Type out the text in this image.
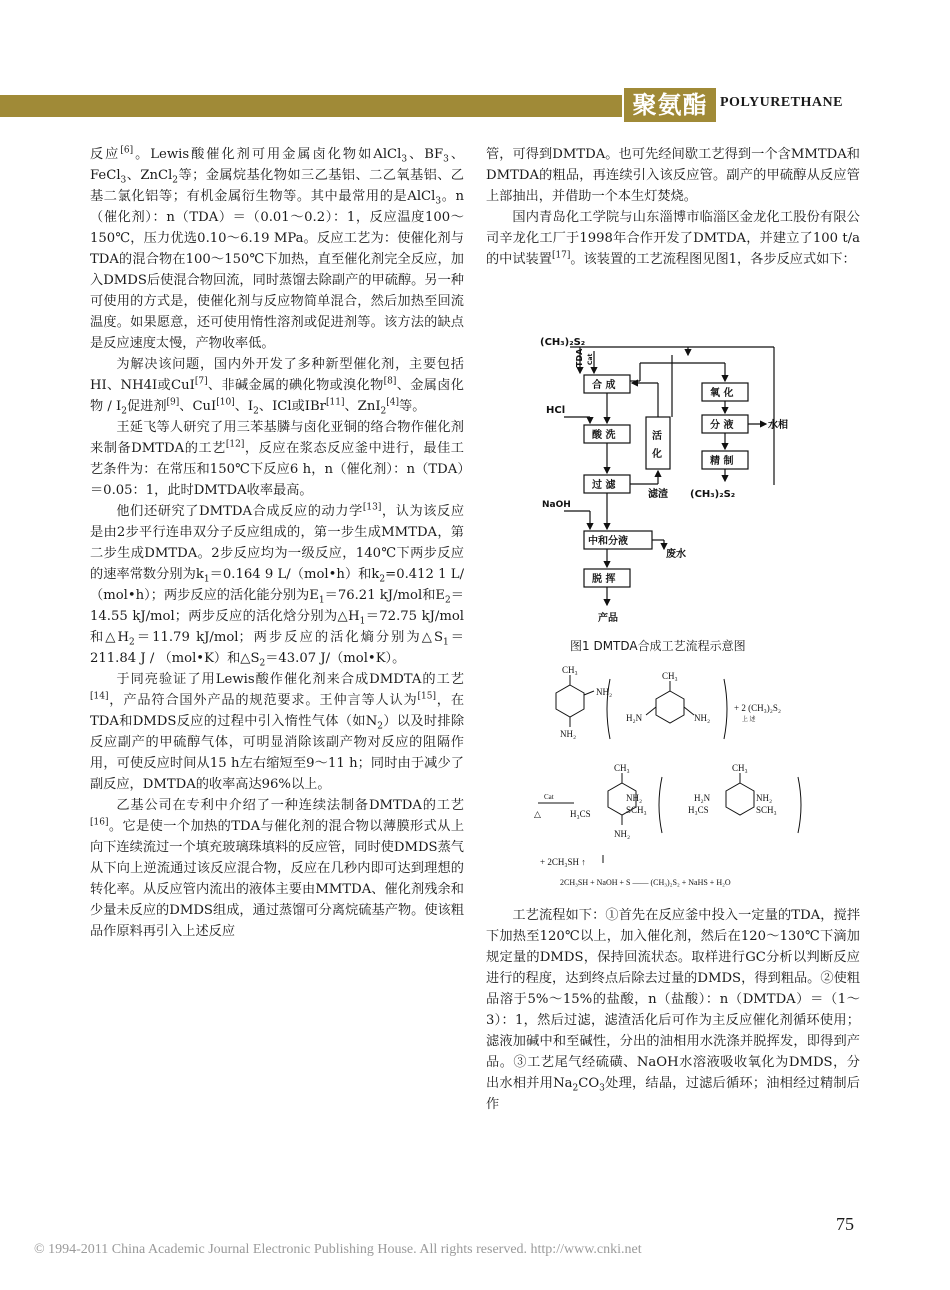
聚氨酯 POLYURETHANE

反应[6]。Lewis酸催化剂可用金属卤化物如AlCl$_3$、$BF_3$、FeCl$_3$、ZnCl$_2$等；金属烷基化物如三乙基铝、二乙氧基铝、乙基二氯化铝等；有机金属衍生物等。其中最常用的是AlCl$_3$。n（催化剂）：n（TDA）＝（0.01～0.2）：1，反应温度100～150℃，压力优选0.10～6.19 MPa。反应工艺为：使催化剂与TDA的混合物在100～150℃下加热，直至催化剂完全反应，加入DMDS后使混合物回流，同时蒸馏去除副产的甲硫醇。另一种可使用的方式是，使催化剂与反应物简单混合，然后加热至回流温度。如果愿意，还可使用惰性溶剂或促进剂等。该方法的缺点是反应速度太慢，产物收率低。

为解决该问题，国内外开发了多种新型催化剂，主要包括HI、NH4I或CuI[7]、非碱金属的碘化物或溴化物[8]、金属卤化物 / $I_2$促进剂[9]、CuI[10]、$I_2$、ICl或IBr[11]、ZnI$_2$[4]等。

王延飞等人研究了用三苯基膦与卤化亚铜的络合物作催化剂来制备DMTDA的工艺[12]，反应在浆态反应釜中进行，最佳工艺条件为：在常压和150℃下反应6 h，n（催化剂）：n（TDA）＝0.05：1，此时DMTDA收率最高。

他们还研究了DMTDA合成反应的动力学[13]，认为该反应是由2步平行连串双分子反应组成的，第一步生成MMTDA，第二步生成DMTDA。2步反应均为一级反应，140℃下两步反应的速率常数分别为$k_1=0.164$ 9 L/（mol•h）和$k_2=0.412$ 1 L/（mol•h）；两步反应的活化能分别为$E_1=76.21$ kJ/mol和$E_2=14.55$ kJ/mol；两步反应的活化焓分别为$\triangle H_1=72.75$ kJ/mol和$\triangle H_2=11.79$ kJ/mol；两步反应的活化熵分别为$\triangle S_1=211.84$ J / （mol•K）和$\triangle S_2=43.07$ J/（mol•K）。

于同亮验证了用Lewis酸作催化剂来合成DMDTA的工艺[14]，产品符合国外产品的规范要求。王仲言等人认为[15]，在TDA和DMDS反应的过程中引入惰性气体（如$N_2$）以及时排除反应副产的甲硫醇气体，可明显消除该副产物对反应的阻隔作用，可使反应时间从15 h左右缩短至9～11 h；同时由于减少了副反应，DMTDA的收率高达96%以上。

乙基公司在专利中介绍了一种连续法制备DMTDA的工艺[16]。它是使一个加热的TDA与催化剂的混合物以薄膜形式从上向下连续流过一个填充玻璃珠填料的反应管，同时使DMDS蒸气从下向上逆流通过该反应混合物，反应在几秒内即可达到理想的转化率。从反应管内流出的液体主要由MMTDA、催化剂残余和少量未反应的DMDS组成，通过蒸馏可分离烷硫基产物。使该粗品作原料再引入上述反应

管，可得到DMTDA。也可先经间歇工艺得到一个含MMTDA和DMTDA的粗品，再连续引入该反应管。副产的甲硫醇从反应管上部抽出，并借助一个本生灯焚烧。

国内青岛化工学院与山东淄博市临淄区金龙化工股份有限公司辛龙化工厂于1998年合作开发了DMTDA，并建立了100 t/a的中试装置[17]。该装置的工艺流程图见图1，各步反应式如下：

(CH₃)₂S₂
TDA Cat
合 成
HCl
酸 洗	活
化
过 滤
滤渣
NaOH
中和分液
废水
脱 挥
产品
氧 化
分 液	水相
精 制
(CH₃)₂S₂
图1 DMTDA合成工艺流程示意图
CH₃
NH₂
NH₂
CH₃
H₂N	NH₂
+ 2 (CH₃)₂S₂
上 述
CH₃
Cat
△	H₃CS
NH₂
SCH₃
NH₂
CH₃
H₂N
H₃CS
NH₂
SCH₃
+ 2CH₃SH ↑
2CH₃SH + NaOH + S —— (CH₃)₂S₂ + NaHS + H₂O

工艺流程如下：①首先在反应釜中投入一定量的TDA，搅拌下加热至120℃以上，加入催化剂，然后在120～130℃下滴加规定量的DMDS，保持回流状态。取样进行GC分析以判断反应进行的程度，达到终点后除去过量的DMDS，得到粗品。②使粗品溶于5%～15%的盐酸，n（盐酸）：n（DMTDA）＝（1～3）：1，然后过滤，滤渣活化后可作为主反应催化剂循环使用；滤液加碱中和至碱性，分出的油相用水洗涤并脱挥发，即得到产品。③工艺尾气经硫磺、NaOH水溶液吸收氧化为DMDS，分出水相并用$Na_2CO_3$处理，结晶，过滤后循环；油相经过精制后作

75
© 1994-2011 China Academic Journal Electronic Publishing House. All rights reserved. http://www.cnki.net
